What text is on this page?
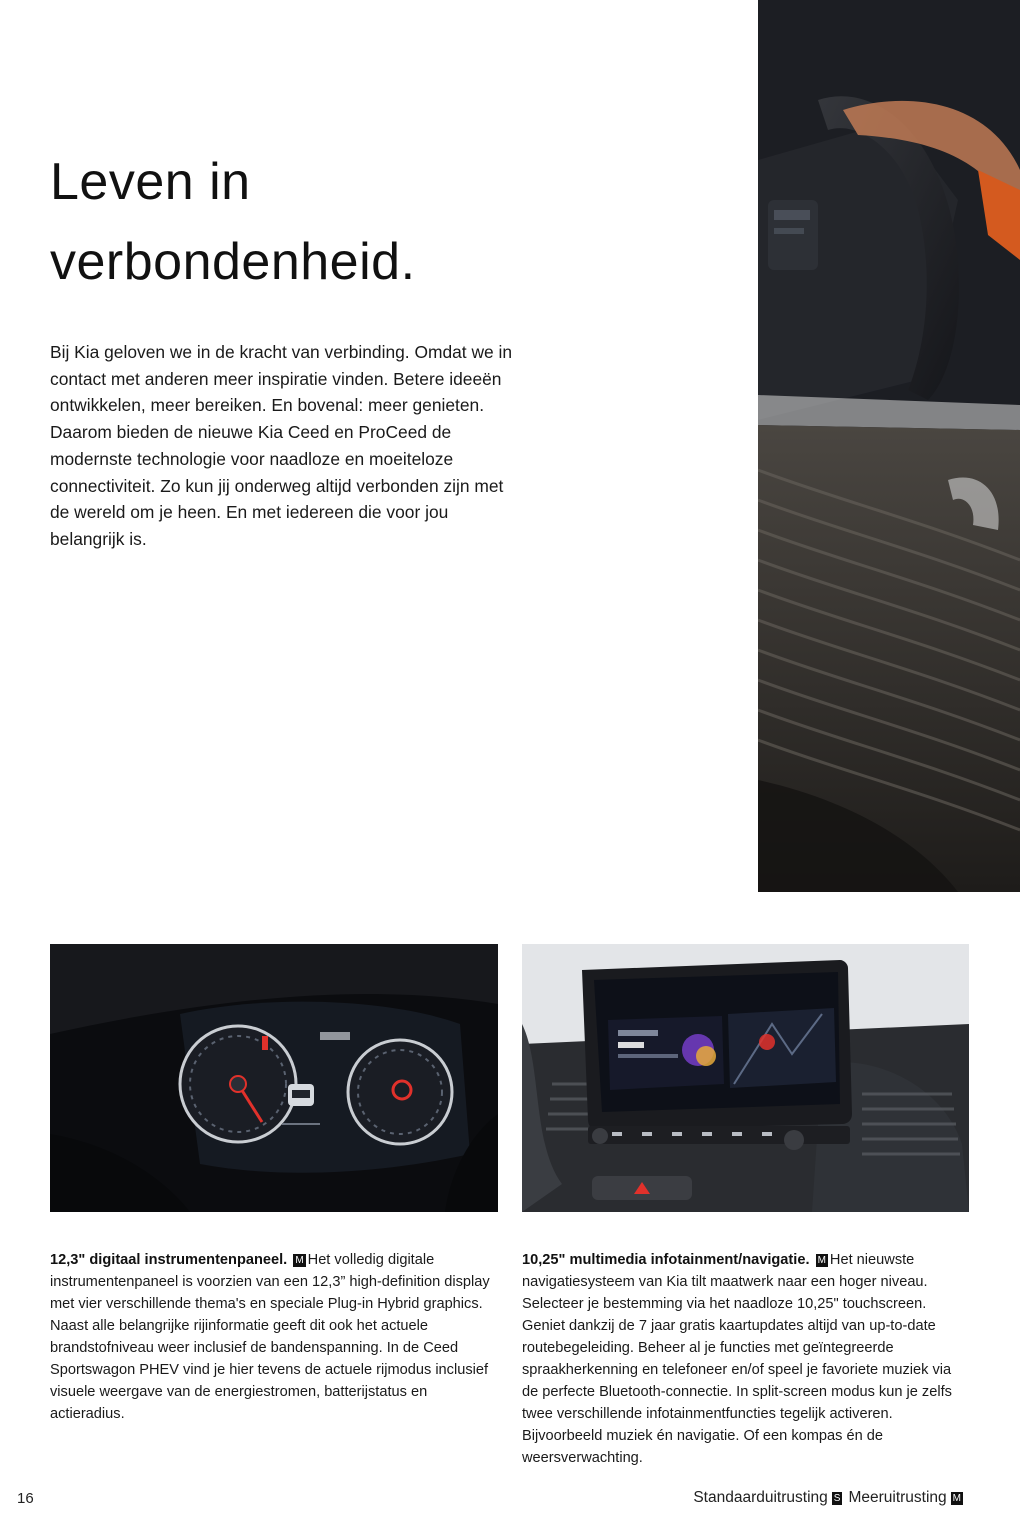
Leven in
verbondenheid.

Bij Kia geloven we in de kracht van verbinding. Omdat we in contact met anderen meer inspiratie vinden. Betere ideeën ontwikkelen, meer bereiken. En bovenal: meer genieten. Daarom bieden de nieuwe Kia Ceed en ProCeed de modernste technologie voor naadloze en moeiteloze connectiviteit. Zo kun jij onderweg altijd verbonden zijn met de wereld om je heen. En met iedereen die voor jou belangrijk is.

12,3" digitaal instrumentenpaneel. M Het volledig digitale instrumentenpaneel is voorzien van een 12,3” high-definition display met vier verschillende thema's en speciale Plug-in Hybrid graphics. Naast alle belangrijke rijinformatie geeft dit ook het actuele brandstofniveau weer inclusief de bandenspanning. In de Ceed Sportswagon PHEV vind je hier tevens de actuele rijmodus inclusief visuele weergave van de energiestromen, batterijstatus en actieradius.

10,25" multimedia infotainment/navigatie. M Het nieuwste navigatiesysteem van Kia tilt maatwerk naar een hoger niveau. Selecteer je bestemming via het naadloze 10,25" touchscreen. Geniet dankzij de 7 jaar gratis kaartupdates altijd van up-to-date routebegeleiding. Beheer al je functies met geïntegreerde spraakherkenning en telefoneer en/of speel je favoriete muziek via de perfecte Bluetooth-connectie. In split-screen modus kun je zelfs twee verschillende infotainmentfuncties tegelijk activeren. Bijvoorbeeld muziek én navigatie. Of een kompas én de weersverwachting.

16	Standaarduitrusting S Meeruitrusting M
